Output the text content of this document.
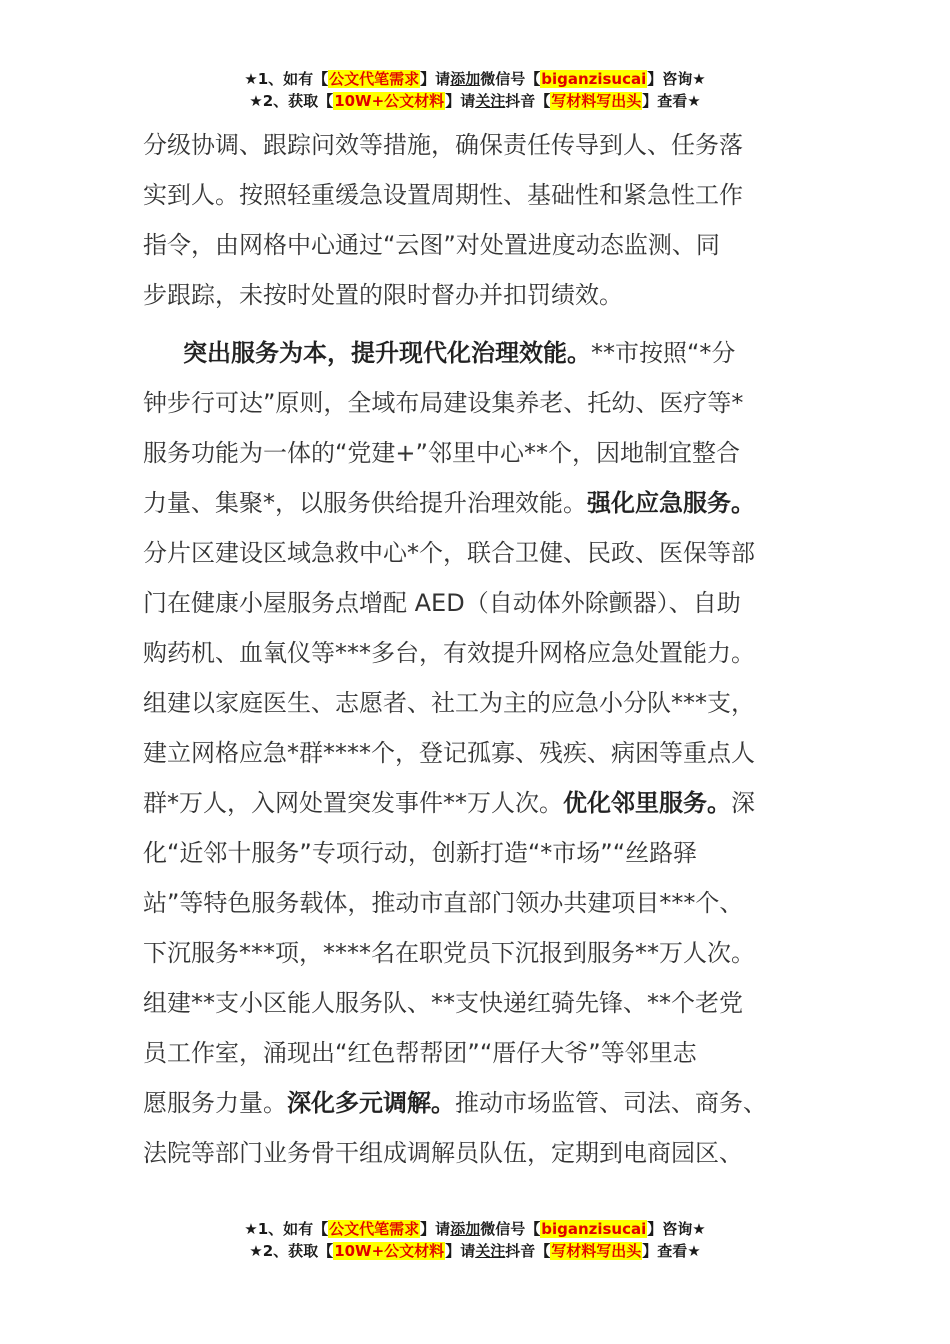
★1、如有【公文代笔需求】请添加微信号【biganzisucai】咨询★
★2、获取【10W+公文材料】请关注抖音【写材料写出头】查看★
分级协调、跟踪问效等措施，确保责任传导到人、任务落
实到人。按照轻重缓急设置周期性、基础性和紧急性工作
指令，由网格中心通过“云图”对处置进度动态监测、同
步跟踪，未按时处置的限时督办并扣罚绩效。
突出服务为本，提升现代化治理效能。**市按照“*分
钟步行可达”原则，全域布局建设集养老、托幼、医疗等*
服务功能为一体的“党建+”邻里中心**个，因地制宜整合
力量、集聚*，以服务供给提升治理效能。强化应急服务。
分片区建设区域急救中心*个，联合卫健、民政、医保等部
门在健康小屋服务点增配 AED（自动体外除颤器）、自助
购药机、血氧仪等***多台，有效提升网格应急处置能力。
组建以家庭医生、志愿者、社工为主的应急小分队***支，
建立网格应急*群****个，登记孤寡、残疾、病困等重点人
群*万人，入网处置突发事件**万人次。优化邻里服务。深
化“近邻十服务”专项行动，创新打造“*市场”“丝路驿
站”等特色服务载体，推动市直部门领办共建项目***个、
下沉服务***项，****名在职党员下沉报到服务**万人次。
组建**支小区能人服务队、**支快递红骑先锋、**个老党
员工作室，涌现出“红色帮帮团”“厝仔大爷”等邻里志
愿服务力量。深化多元调解。推动市场监管、司法、商务、
法院等部门业务骨干组成调解员队伍，定期到电商园区、
★1、如有【公文代笔需求】请添加微信号【biganzisucai】咨询★
★2、获取【10W+公文材料】请关注抖音【写材料写出头】查看★
